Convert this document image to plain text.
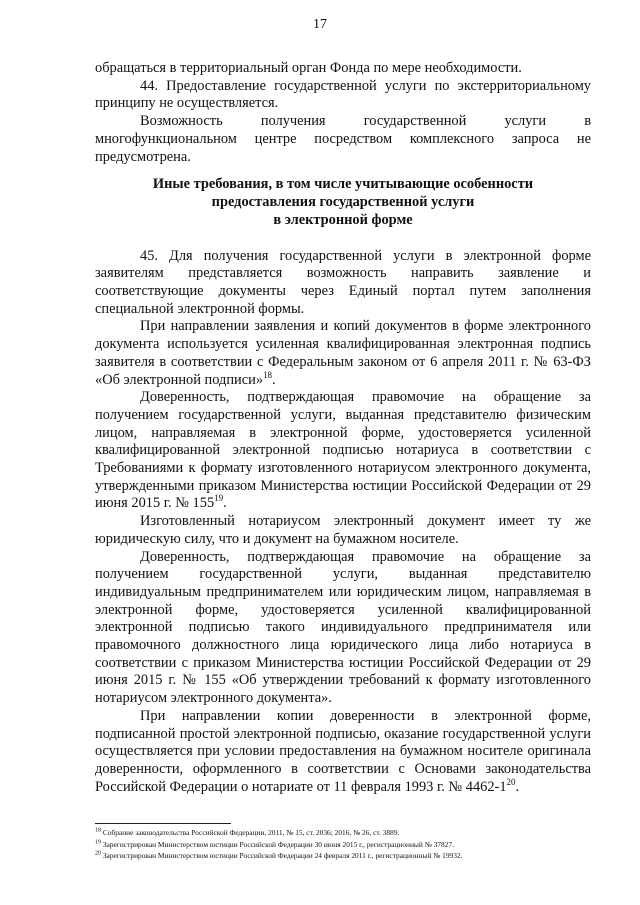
17

обращаться в территориальный орган Фонда по мере необходимости.

44. Предоставление государственной услуги по экстерриториальному принципу не осуществляется.

Возможность получения государственной услуги в многофункциональном центре посредством комплексного запроса не предусмотрена.

Иные требования, в том числе учитывающие особенности
предоставления государственной услуги
в электронной форме

45. Для получения государственной услуги в электронной форме заявителям представляется возможность направить заявление и соответствующие документы через Единый портал путем заполнения специальной электронной формы.

При направлении заявления и копий документов в форме электронного документа используется усиленная квалифицированная электронная подпись заявителя в соответствии с Федеральным законом от 6 апреля 2011 г. № 63-ФЗ «Об электронной подписи»$^{18}$.

Доверенность, подтверждающая правомочие на обращение за получением государственной услуги, выданная представителю физическим лицом, направляемая в электронной форме, удостоверяется усиленной квалифицированной электронной подписью нотариуса в соответствии с Требованиями к формату изготовленного нотариусом электронного документа, утвержденными приказом Министерства юстиции Российской Федерации от 29 июня 2015 г. № $155^{19}$.

Изготовленный нотариусом электронный документ имеет ту же юридическую силу, что и документ на бумажном носителе.

Доверенность, подтверждающая правомочие на обращение за получением государственной услуги, выданная представителю индивидуальным предпринимателем или юридическим лицом, направляемая в электронной форме, удостоверяется усиленной квалифицированной электронной подписью такого индивидуального предпринимателя или правомочного должностного лица юридического лица либо нотариуса в соответствии с приказом Министерства юстиции Российской Федерации от 29 июня 2015 г. № 155 «Об утверждении требований к формату изготовленного нотариусом электронного документа».

При направлении копии доверенности в электронной форме, подписанной простой электронной подписью, оказание государственной услуги осуществляется при условии предоставления на бумажном носителе оригинала доверенности, оформленного в соответствии с Основами законодательства Российской Федерации о нотариате от 11 февраля 1993 г. № $4462-1^{20}$.

$^{18}$ Собрание законодательства Российской Федерации, 2011, № 15, ст. 2036; 2016, № 26, ст. 3889.
$^{19}$ Зарегистрирован Министерством юстиции Российской Федерации 30 июня 2015 г., регистрационный № 37827.
$^{20}$ Зарегистрирован Министерством юстиции Российской Федерации 24 февраля 2011 г., регистрационный № 19932.
